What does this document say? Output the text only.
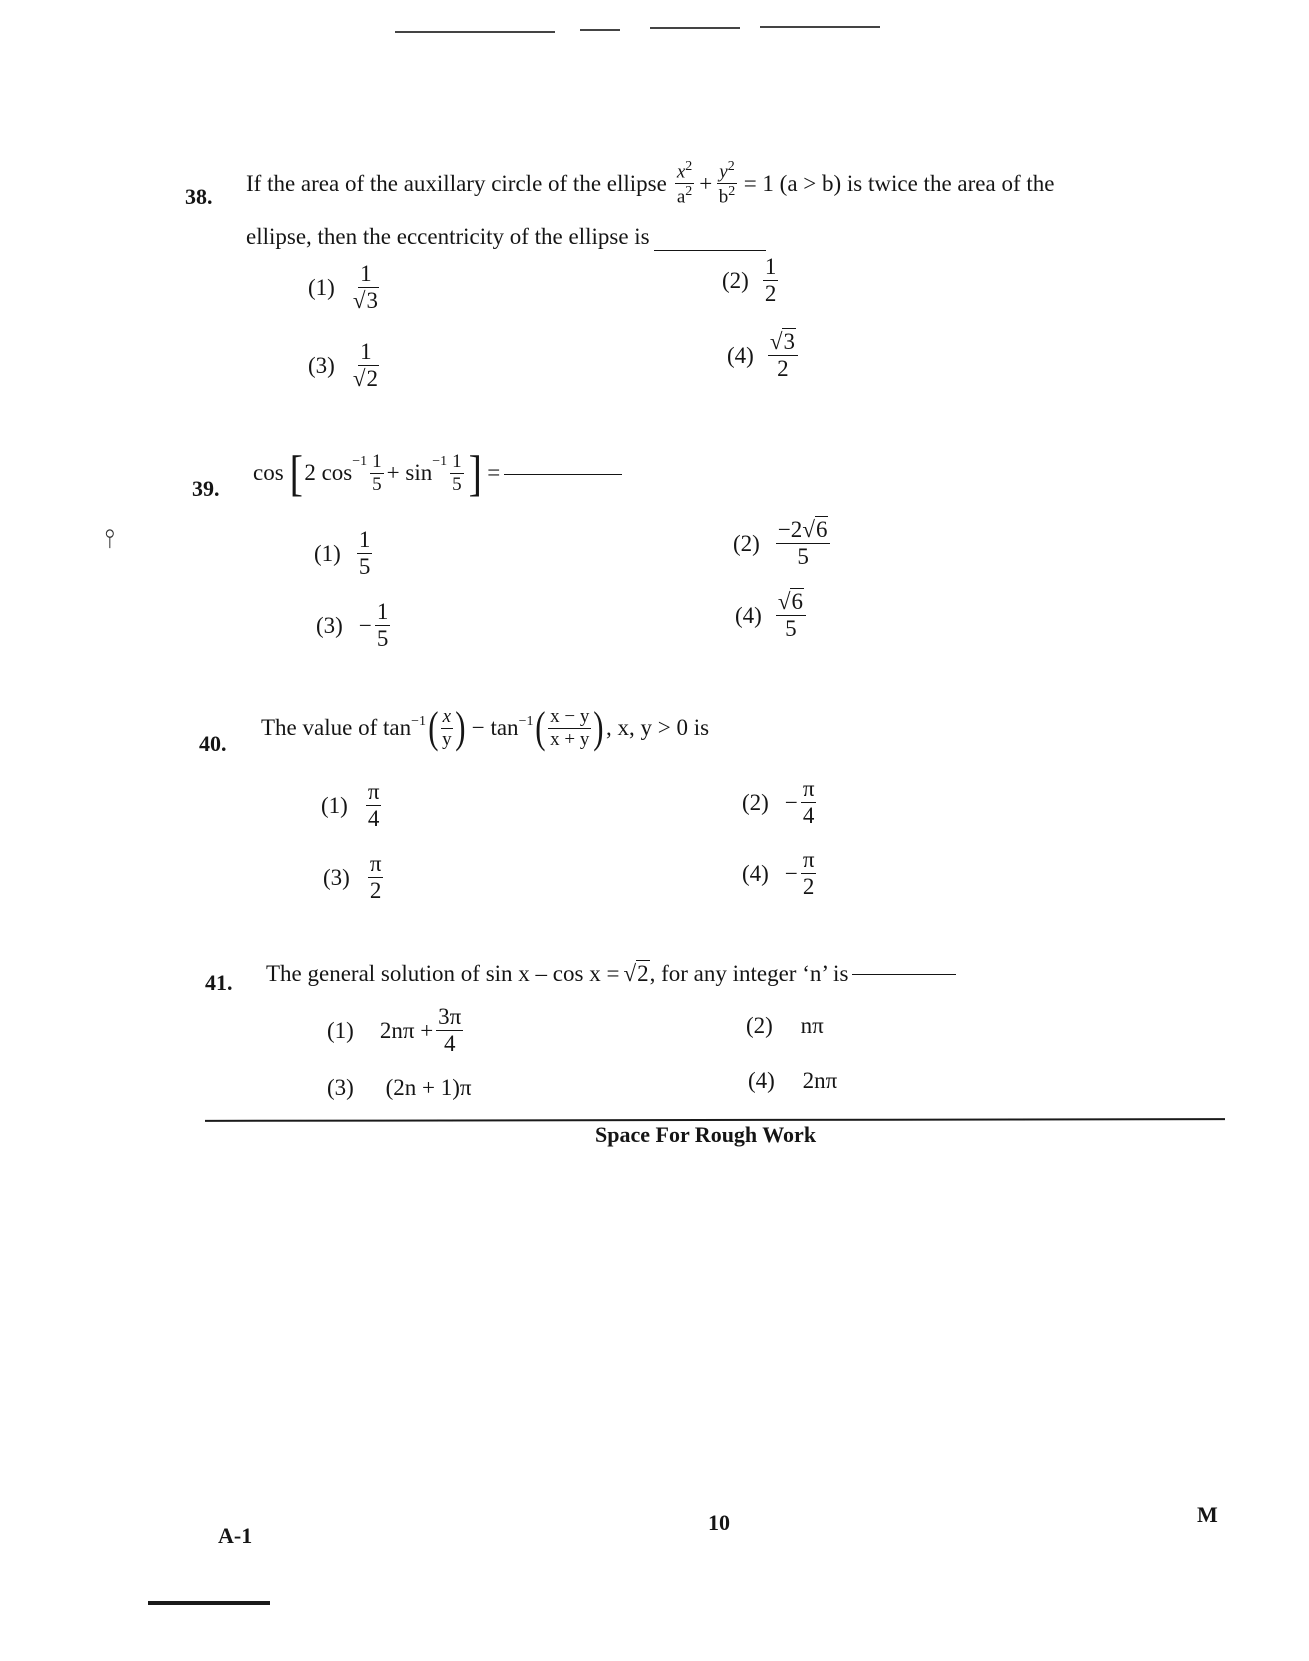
38.
If the area of the auxillary circle of the ellipse $\frac{x^2}{a^2} + \frac{y^2}{b^2} = 1$ (a > b) is twice the area of the
ellipse, then the eccentricity of the ellipse is
$(1) \frac{1}{√3}$	$(2) \frac{1}{2}$
$(3) \frac{1}{√2}$	$(4) \frac{√3}{2}$
39.
cos [ 2 $\cos^{-1} \frac{1}{5} + \sin^{-1} \frac{1}{5}$ ] =
$(1) \frac{1}{5}$	$(2) \frac{-2√6}{5}$
$(3) - \frac{1}{5}$	$(4) \frac{√6}{5}$
40.
The value of $\tan^{-1}$ ( $\frac{x}{y}$ ) − $\tan^{-1}$ ( $\frac{x - y}{x + y}$ ) , x, y > 0 is
$(1) \frac{\pi}{4}$	$(2) - \frac{\pi}{4}$
$(3) \frac{\pi}{2}$	$(4) - \frac{\pi}{2}$
41. The general solution of sin x – cos x = √2 , for any integer ‘n’ is
(1) $2n\pi + \frac{3\pi}{4}$	(2) nπ
(3) (2n + 1)π	(4) 2nπ
Space For Rough Work
A-1
10	M
⫯
